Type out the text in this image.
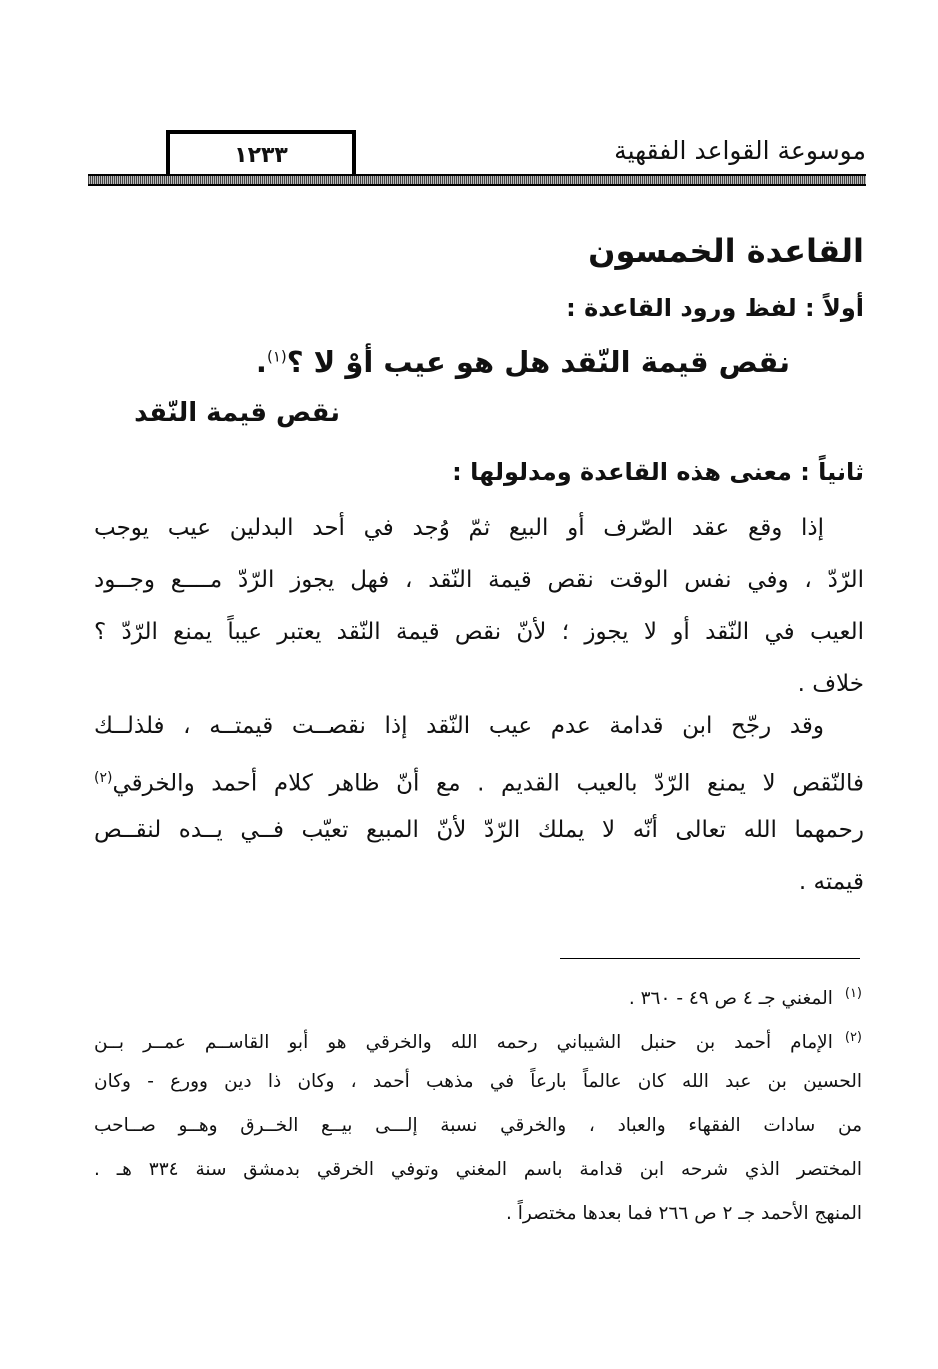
١٢٣٣	موسوعة القواعد الفقهية
القاعدة الخمسون
أولاً : لفظ ورود القاعدة :
نقص قيمة النّقد هل هو عيب أوْ لا ؟$^{(١)}$.
نقص قيمة النّقد
ثانياً : معنى هذه القاعدة ومدلولها :
إذا وقع عقد الصّرف أو البيع ثمّ وُجد في أحد البدلين عيب يوجب
الرّدّ ، وفي نفس الوقت نقص قيمة النّقد ، فهل يجوز الرّدّ مــــع وجــود
العيب في النّقد أو لا يجوز ؛ لأنّ نقص قيمة النّقد يعتبر عيباً يمنع الرّدّ ؟
خلاف .
وقد رجّح ابن قدامة عدم عيب النّقد إذا نقصــت قيمتــه ، فلذلــك
فالنّقص لا يمنع الرّدّ بالعيب القديم . مع أنّ ظاهر كلام أحمد والخرقي$^{(٢)}$
رحمهما الله تعالى أنّه لا يملك الرّدّ لأنّ المبيع تعيّب فــي يــده لنقــص
قيمته .
$^{(١)}$المغني جـ ٤ ص ٤٩ - ٣٦٠ .
$^{(٢)}$الإمام أحمد بن حنبل الشيباني رحمه الله والخرقي هو أبو القاســم عمــر بــن
الحسين بن عبد الله كان عالماً بارعاً في مذهب أحمد ، وكان ذا دين وورع - وكان
من سادات الفقهاء والعباد ، والخرقي نسبة إلـــى بيــع الخــرق وهــو صــاحب
المختصر الذي شرحه ابن قدامة باسم المغني وتوفي الخرقي بدمشق سنة ٣٣٤ هـ .
المنهج الأحمد جـ ٢ ص ٢٦٦ فما بعدها مختصراً .
